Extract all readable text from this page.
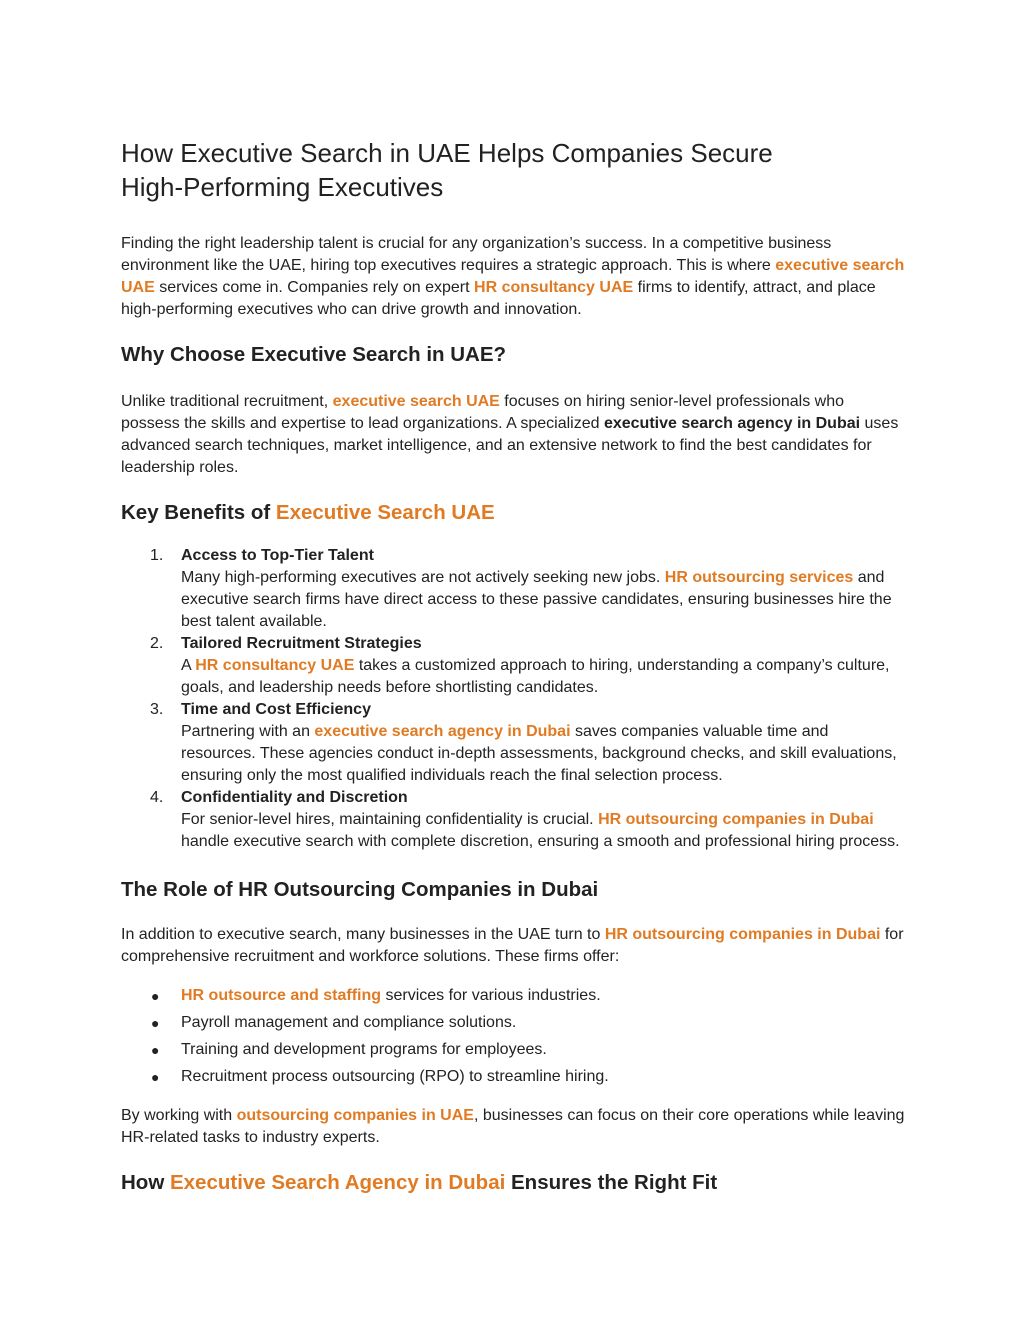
How Executive Search in UAE Helps Companies Secure
High-Performing Executives

Finding the right leadership talent is crucial for any organization’s success. In a competitive business environment like the UAE, hiring top executives requires a strategic approach. This is where executive search UAE services come in. Companies rely on expert HR consultancy UAE firms to identify, attract, and place high-performing executives who can drive growth and innovation.

Why Choose Executive Search in UAE?

Unlike traditional recruitment, executive search UAE focuses on hiring senior-level professionals who possess the skills and expertise to lead organizations. A specialized executive search agency in Dubai uses advanced search techniques, market intelligence, and an extensive network to find the best candidates for leadership roles.

Key Benefits of Executive Search UAE
1. Access to Top-Tier Talent
Many high-performing executives are not actively seeking new jobs. HR outsourcing services and executive search firms have direct access to these passive candidates, ensuring businesses hire the best talent available.
2. Tailored Recruitment Strategies
A HR consultancy UAE takes a customized approach to hiring, understanding a company’s culture, goals, and leadership needs before shortlisting candidates.
3. Time and Cost Efficiency
Partnering with an executive search agency in Dubai saves companies valuable time and resources. These agencies conduct in-depth assessments, background checks, and skill evaluations, ensuring only the most qualified individuals reach the final selection process.
4. Confidentiality and Discretion
For senior-level hires, maintaining confidentiality is crucial. HR outsourcing companies in Dubai handle executive search with complete discretion, ensuring a smooth and professional hiring process.
The Role of HR Outsourcing Companies in Dubai

In addition to executive search, many businesses in the UAE turn to HR outsourcing companies in Dubai for comprehensive recruitment and workforce solutions. These firms offer:

● HR outsource and staffing services for various industries.
● Payroll management and compliance solutions.
● Training and development programs for employees.
● Recruitment process outsourcing (RPO) to streamline hiring.

By working with outsourcing companies in UAE, businesses can focus on their core operations while leaving HR-related tasks to industry experts.

How Executive Search Agency in Dubai Ensures the Right Fit
